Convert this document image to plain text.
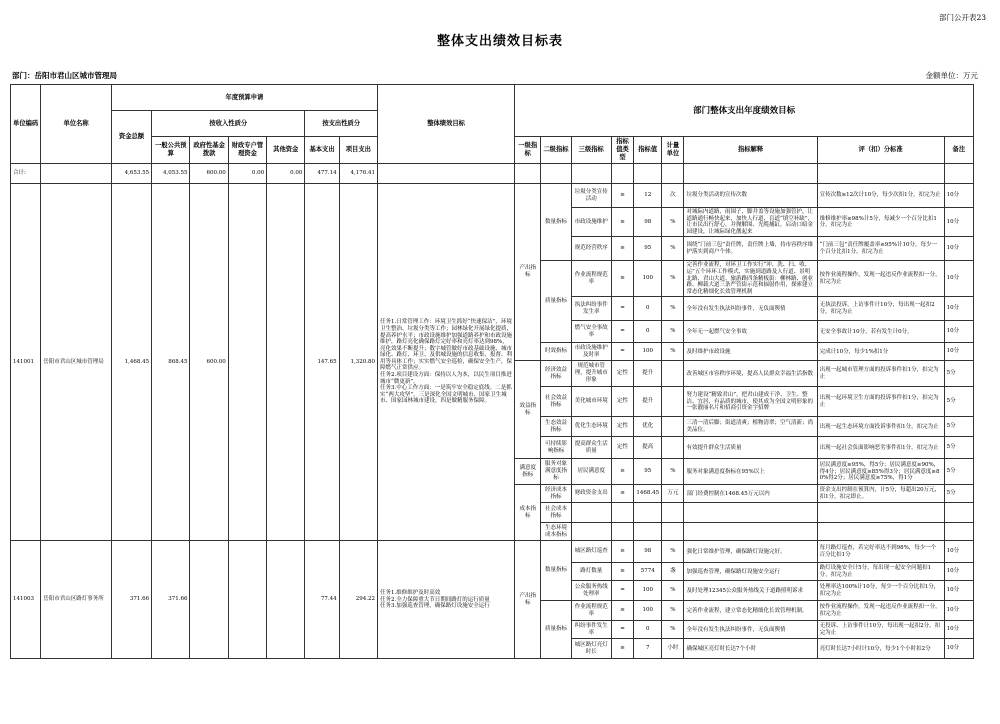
部门公开表23
整体支出绩效目标表
部门：岳阳市君山区城市管理局	金额单位：万元
单位编码	单位名称	年度预算申请							整体绩效目标	部门整体支出年度绩效目标								
		资金总额	按收入性质分				按支出性质分											
			一般公共预算	政府性基金拨款	财政专户管理资金	其他资金	基本支出	项目支出		一级指标	二级指标	三级指标	指标值类型	指标值	计量单位	指标解释	评（扣）分标准	备注
合计:		4,653.55	4,053.55	600.00	0.00	0.00	477.14	4,176.41										
141001	岳阳市君山区城市管理局	1,468.45	868.45	600.00			147.65	1,320.80	任务1.日常管理工作：环境卫生抓好“快速保洁”、环境卫生整治、垃圾分类等工作；园林绿化开展绿化提质，提高养护水平；市政设施维护加强道路养护和市政设施维护，路灯亮化确保路灯完好率和亮灯率达到98%，亮化效果不断提升；数字城管做好市政基础设施、城市绿化、路灯、环卫、及供城设施的信息收集、报督、利用等具体工作；实实燃气安全巡检，确保安全生产，保障燃气正常供应。
任务2.项目建设方面：保持以人为本，以民生项目推进城市“微更新”。
任务3.中心工作方面：一是筑牢安全稳定底线。二是抓实“两大攻坚”，三是深化全国文明城市、国家卫生城市、国家园林城市建设，四是做精服务保障。	产出指标	数量指标	垃圾分类宣传活动	≥	12	次	垃圾分类活动的宣传次数	宣传次数≥12次计10分，每少次扣1分，扣完为止	10分
												市政设施维护	≥	98	%	对城际内道路、雨围子、脚井盖等设施加强管护，让道路通行畅快起来，加快人行道、盲道“填空补缺”，让市民出行舒心，并抛解围、光缆捕缸，启动口暗金园建设，让城际绿化靓起来	维修维护率≥98%计5分，每减少一个百分比扣1分，扣完为止	10分
												规范经营秩序	≥	95	%	围绕“门前三包”责任牌，责任牌上墙，持市容秩序维护落实到商户个体。	“门前三包”责任牌覆盖率≥95%计10分，每少一个百分比扣1分，扣完为止	10分
											质量指标	作业流程规范率	≥	100	%	完善作业流程，对环卫工作实行“冲、洗、扫、收、运”五个环环工作模式，实施到道路及人行道、景明北路、君山大道、旅游路四条精板街：柳林路、创业路、柳载大道三条严管街示范和辐射作用，探索建立常态化精细化长效管理机制	按作业流程操作，发现一起违反作业流程扣一分，扣完为止	10分
												执法纠纷事件发生率	=	0	%	全年没有发生执法纠纷事件，无负面舆情	无执法投诉，上访事件计10分，每出现一起扣2分，扣完为止	10分
												燃气安全事故率	=	0	%	全年无一起燃气安全事故	无安全事故计10分，若有发生计0分。	10分
											时效指标	市政设施维护及时率	=	100	%	及时维护市政设施	完成计10分，每少1%扣1分	10分
										效益指标	经济效益指标	规范城市管理，提升城市形象	定性	提升		改善城区市容秩序环境，提高人民群众幸福生活指数	出现一起城市管理方面的投诉事件扣1分，扣完为止	5分
											社会效益指标	美化城市环境	定性	提升		努力建设“精致君山”，把君山建成干净、卫生、整洁、宜居、有品质的城市，使其成为全国文明形象的一张靓丽名片和招商引资金字招牌	出现一起环境卫生方面的投诉事件扣1分，扣完为止	5分
											生态效益指标	优化生态环境	定性	优化		三清一清后脚；街道清爽；植物清翠；空气清新；尚美品位。	出现一起生态环境方面投诉事件扣1分，扣完为止	5分
											可持续影响指标	提高群众生活质量	定性	提高		有效提升群众生活质量	出现一起社会负面影响恶劣事件扣1分，扣完为止	5分
										满意度指标	服务对象满意度指标	居民满意度	≥	95	%	服务对象满意度指标在95%以上	居民满意度≥95%，得5分；居民满意度≥90%，得4分；居民满意度≥85%得3分；居民满意度≥80%得2分；居民满意度≥75%，得1分	5分
										成本指标	经济成本指标	财政资金支出	≤	1468.45	万元	部门经费控制在1468.45万元以内	资金支出控制在预算内，计5分，每超出20万元，扣1分，扣完即止。	5分
											社会成本指标							
											生态环境成本指标							
141003	岳阳市君山区路灯事务所	371.66	371.66				77.44	294.22	任务1.维修维护及时高效
任务2.全力保障重大节日期间路灯的运行质量
任务3.加强巡查管理，确保路灯设施安全运行	产出指标	数量指标	城区路灯巡查	≥	98	%	强化日常维护管理，确保路灯设施完好。	每月路灯巡查，若完好率达不到98%，每少一个百分比扣1分	10分
												路灯数量	≥	5774	盏	加强巡查管理，确保路灯设施安全运行	路灯设施安全计5分，每出现一起安全问题扣1分，扣完为止	10分
												公众服务热线处理率	=	100	%	及时处理12345公众服务热线关于道路照明诉求	处理率达100%计10分，每少一个百分比扣1分，扣完为止	10分
											质量指标	作业流程规范率	≥	100	%	完善作业流程，建立常态化精细化长效管理机制。	按作业流程操作，发现一起违反作业流程扣一分，扣完为止	10分
												纠纷事件发生率	=	0	%	全年没有发生执法纠纷事件，无负面舆情	无投诉、上访事件计10分，每出现一起扣2分，扣完为止	10分
												城区路灯亮灯时长	≥	7	小时	确保城区亮灯时长达7个小时	亮灯时长达7小时计10分，每少1个小时扣2分	10分
